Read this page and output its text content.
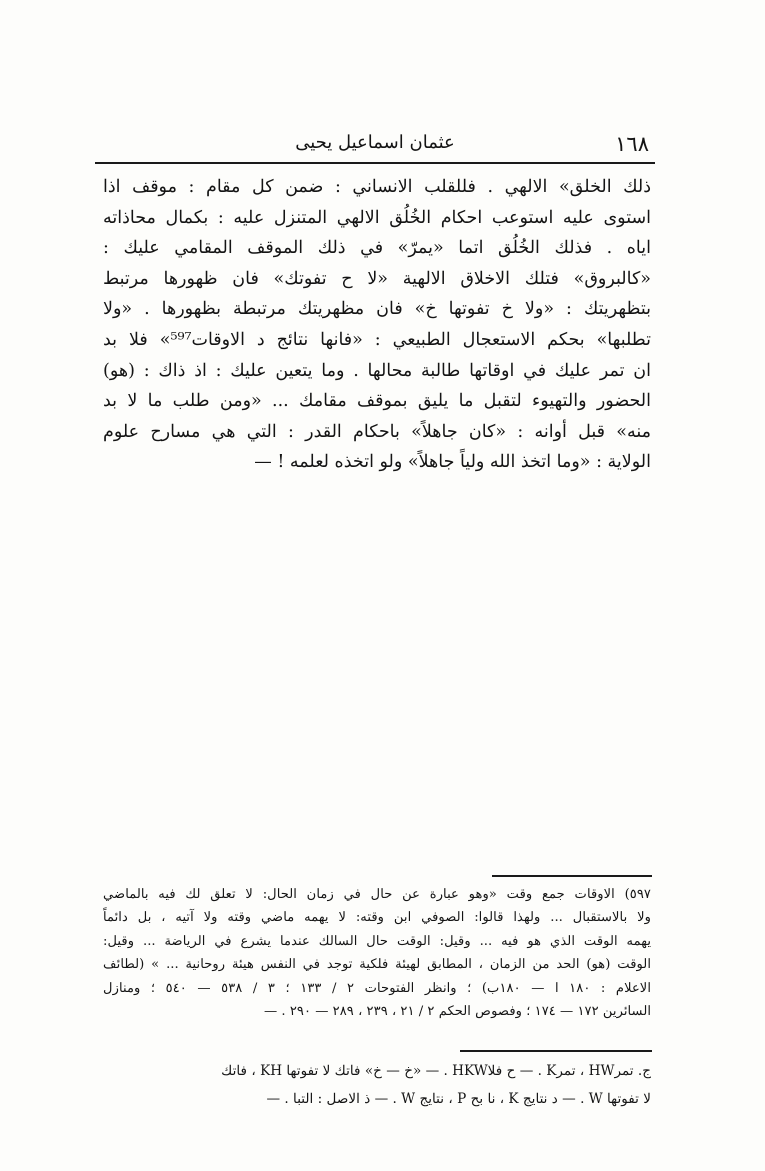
١٦٨
عثمان اسماعيل يحيى
ذلك الخلق» الالهي . فللقلب الانساني : ضمن كل مقام : موقف اذا
استوى عليه استوعب احكام الخُلُق الالهي المتنزل عليه : بكمال محاذاته
اياه . فذلك الخُلُق اتما «يمرّ» في ذلك الموقف المقامي عليك :
«كالبروق» فتلك الاخلاق الالهية «لا ح تفوتك» فان ظهورها مرتبط
بتظهريتك : «ولا خ تفوتها خ» فان مظهريتك مرتبطة بظهورها . «ولا
تطلبها» بحكم الاستعجال الطبيعي : «فانها نتائج د الاوقات⁵⁹⁷» فلا بد
ان تمر عليك في اوقاتها طالبة محالها . وما يتعين عليك : اذ ذاك : (هو)
الحضور والتهيوء لتقبل ما يليق بموقف مقامك ... «ومن طلب ما لا بد
منه» قبل أوانه : «كان جاهلاً» باحكام القدر : التي هي مسارح علوم
الولاية : «وما اتخذ الله ولياً جاهلاً» ولو اتخذه لعلمه ! —
٥٩٧) الاوقات جمع وقت «وهو عبارة عن حال في زمان الحال: لا تعلق لك فيه بالماضي
ولا بالاستقبال ... ولهذا قالوا: الصوفي ابن وقته: لا يهمه ماضي وقته ولا آتيه ، بل دائماً
يهمه الوقت الذي هو فيه ... وقيل: الوقت حال السالك عندما يشرع في الرياضة ... وقيل:
الوقت (هو) الحد من الزمان ، المطابق لهيئة فلكية توجد في النفس هيئة روحانية ... » (لطائف
الاعلام : ١٨٠ ا — ١٨٠ب) ؛ وانظر الفتوحات ٢ / ١٣٣ ؛ ٣ / ٥٣٨ — ٥٤٠ ؛ ومنازل
السائرين ١٧٢ — ١٧٤ ؛ وفصوص الحكم ٢ / ٢١ ، ٢٣٩ ، ٢٨٩ — ٢٩٠ . —
ج. تمرHW ، تمرK . — ح فلاHKW . — «خ — خ» فاتك لا تفوتها KH ، فاتك
لا تفوتها W . — د نتايج K ، نا بح P ، نتايج W . — ذ الاصل : التبا . —
